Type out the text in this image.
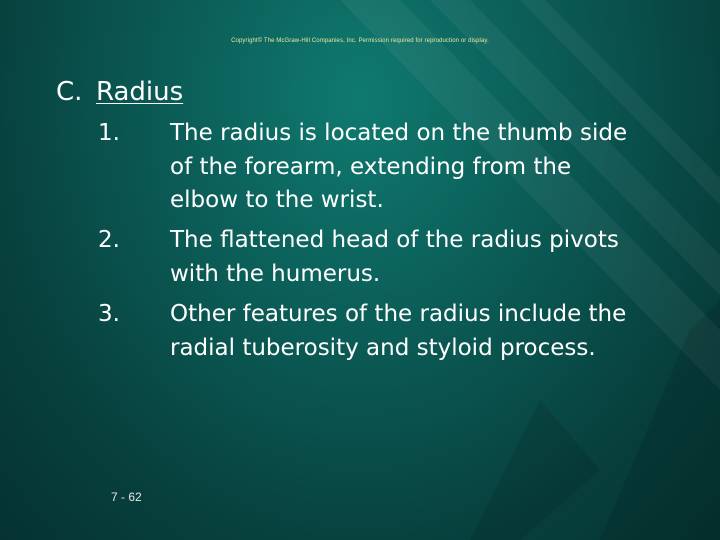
Copyright© The McGraw-Hill Companies, Inc. Permission required for reproduction or display.
C. Radius
1.	The radius is located on the thumb side
of the forearm, extending from the
elbow to the wrist.
2.	The flattened head of the radius pivots
with the humerus.
3.	Other features of the radius include the
radial tuberosity and styloid process.
7 - 62
